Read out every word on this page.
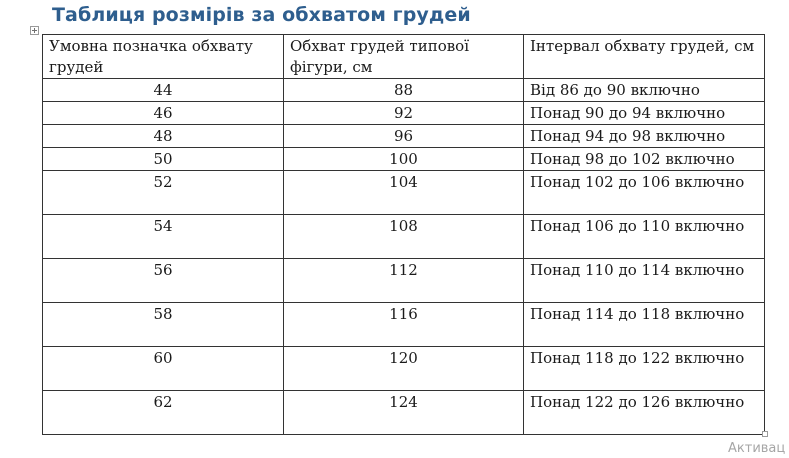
Таблиця розмірів за обхватом грудей
Умовна позначка обхвату грудей	Обхват грудей типової фігури, см	Інтервал обхвату грудей, см
44	88	Від 86 до 90 включно
46	92	Понад 90 до 94 включно
48	96	Понад 94 до 98 включно
50	100	Понад 98 до 102 включно
52	104	Понад 102 до 106 включно
54	108	Понад 106 до 110 включно
56	112	Понад 110 до 114 включно
58	116	Понад 114 до 118 включно
60	120	Понад 118 до 122 включно
62	124	Понад 122 до 126 включно
Активац
